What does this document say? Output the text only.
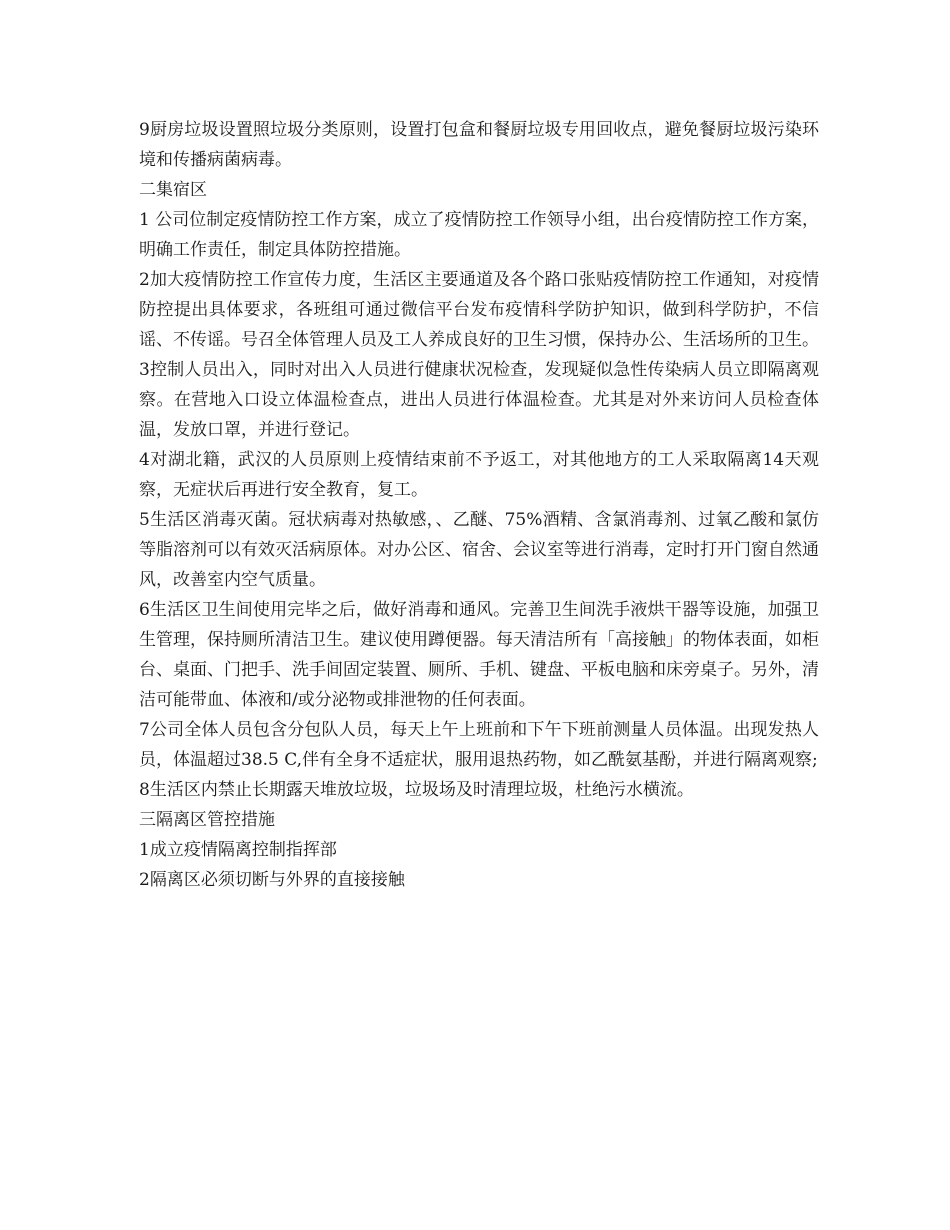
9厨房垃圾设置照垃圾分类原则，设置打包盒和餐厨垃圾专用回收点，避免餐厨垃圾污染环境和传播病菌病毒。

二集宿区

1 公司位制定疫情防控工作方案，成立了疫情防控工作领导小组，出台疫情防控工作方案，明确工作责任，制定具体防控措施。

2加大疫情防控工作宣传力度，生活区主要通道及各个路口张贴疫情防控工作通知，对疫情防控提出具体要求，各班组可通过微信平台发布疫情科学防护知识，做到科学防护，不信谣、不传谣。号召全体管理人员及工人养成良好的卫生习惯，保持办公、生活场所的卫生。

3控制人员出入，同时对出入人员进行健康状况检查，发现疑似急性传染病人员立即隔离观察。在营地入口设立体温检查点，进出人员进行体温检查。尤其是对外来访问人员检查体温，发放口罩，并进行登记。

4对湖北籍，武汉的人员原则上疫情结束前不予返工，对其他地方的工人采取隔离14天观察，无症状后再进行安全教育，复工。

5生活区消毒灭菌。冠状病毒对热敏感，、乙醚、75%酒精、含氯消毒剂、过氧乙酸和氯仿等脂溶剂可以有效灭活病原体。对办公区、宿舍、会议室等进行消毒，定时打开门窗自然通风，改善室内空气质量。

6生活区卫生间使用完毕之后，做好消毒和通风。完善卫生间洗手液烘干器等设施，加强卫生管理，保持厕所清洁卫生。建议使用蹲便器。每天清洁所有「高接触」的物体表面，如柜台、桌面、门把手、洗手间固定装置、厕所、手机、键盘、平板电脑和床旁桌子。另外，清洁可能带血、体液和/或分泌物或排泄物的任何表面。

7公司全体人员包含分包队人员，每天上午上班前和下午下班前测量人员体温。出现发热人员，体温超过38.5 C,伴有全身不适症状，服用退热药物，如乙酰氨基酚，并进行隔离观察;

8生活区内禁止长期露天堆放垃圾，垃圾场及时清理垃圾，杜绝污水横流。

三隔离区管控措施

1成立疫情隔离控制指挥部

2隔离区必须切断与外界的直接接触
